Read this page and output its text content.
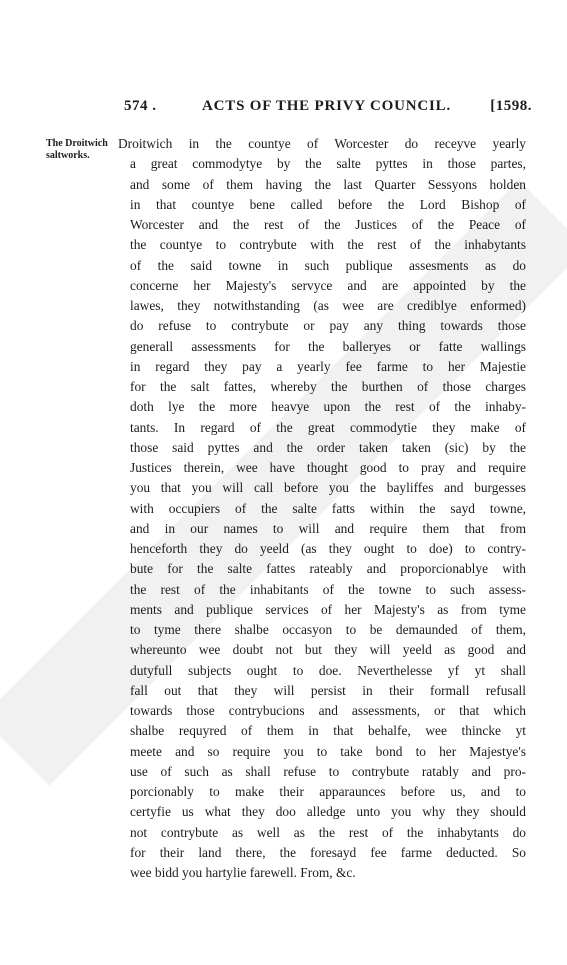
574 .	ACTS OF THE PRIVY COUNCIL.	[1598.
The Droitwich
saltworks.
Droitwich in the countye of Worcester do receyve yearly
a great commodytye by the salte pyttes in those partes,
and some of them having the last Quarter Sessyons holden
in that countye bene called before the Lord Bishop of
Worcester and the rest of the Justices of the Peace of
the countye to contrybute with the rest of the inhabytants
of the said towne in such publique assesments as do
concerne her Majesty's servyce and are appointed by the
lawes, they notwithstanding (as wee are crediblye enformed)
do refuse to contrybute or pay any thing towards those
generall assessments for the balleryes or fatte wallings
in regard they pay a yearly fee farme to her Majestie
for the salt fattes, whereby the burthen of those charges
doth lye the more heavye upon the rest of the inhaby-
tants. In regard of the great commodytie they make of
those said pyttes and the order taken taken (sic) by the
Justices therein, wee have thought good to pray and require
you that you will call before you the bayliffes and burgesses
with occupiers of the salte fatts within the sayd towne,
and in our names to will and require them that from
henceforth they do yeeld (as they ought to doe) to contry-
bute for the salte fattes rateably and proporcionablye with
the rest of the inhabitants of the towne to such assess-
ments and publique services of her Majesty's as from tyme
to tyme there shalbe occasyon to be demaunded of them,
whereunto wee doubt not but they will yeeld as good and
dutyfull subjects ought to doe. Neverthelesse yf yt shall
fall out that they will persist in their formall refusall
towards those contrybucions and assessments, or that which
shalbe requyred of them in that behalfe, wee thincke yt
meete and so require you to take bond to her Majestye's
use of such as shall refuse to contrybute ratably and pro-
porcionably to make their apparaunces before us, and to
certyfie us what they doo alledge unto you why they should
not contrybute as well as the rest of the inhabytants do
for their land there, the foresayd fee farme deducted. So
wee bidd you hartylie farewell. From, &c.
